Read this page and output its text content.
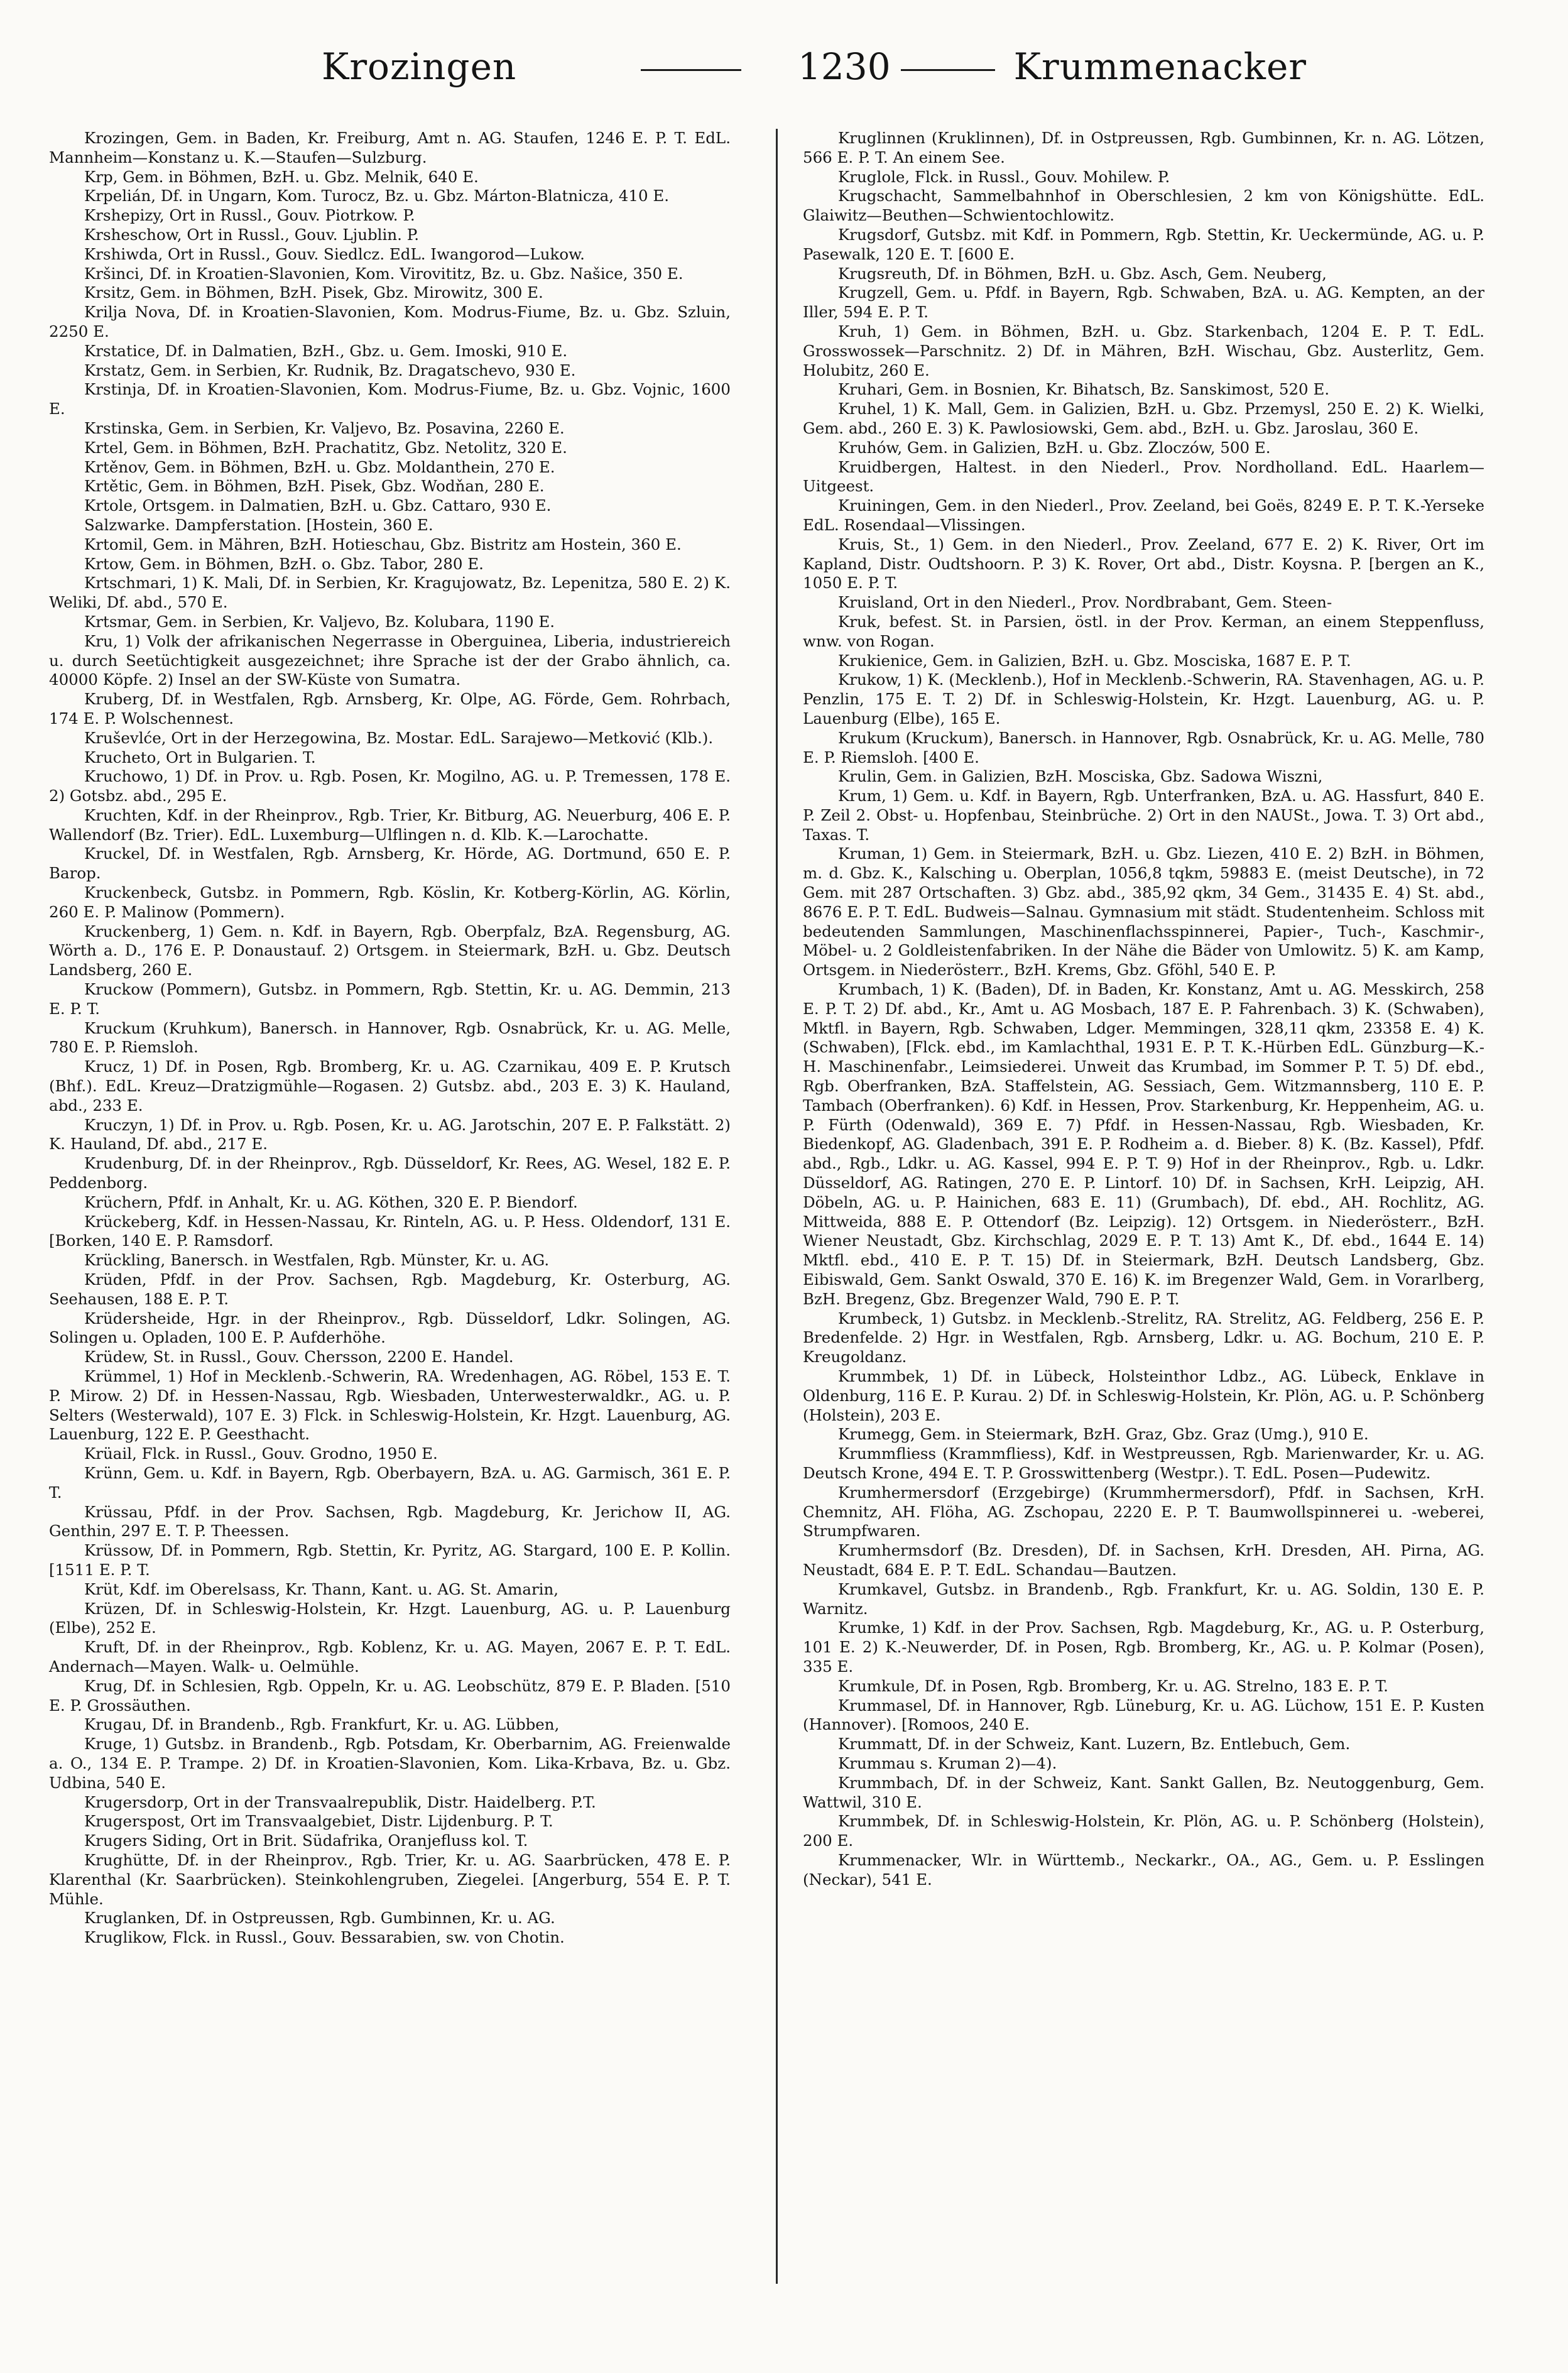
Krozingen	1230	Krummenacker

Krozingen, Gem. in Baden, Kr. Freiburg, Amt n. AG. Staufen, 1246 E. P. T. EdL. Mannheim—Konstanz u. K.—Staufen—Sulzburg.

Krp, Gem. in Böhmen, BzH. u. Gbz. Melnik, 640 E.

Krpelián, Df. in Ungarn, Kom. Turocz, Bz. u. Gbz. Márton-Blatnicza, 410 E.

Krshepizy, Ort in Russl., Gouv. Piotrkow. P.

Krsheschow, Ort in Russl., Gouv. Ljublin. P.

Krshiwda, Ort in Russl., Gouv. Siedlcz. EdL. Iwangorod—Lukow.

Kršinci, Df. in Kroatien-Slavonien, Kom. Virovititz, Bz. u. Gbz. Našice, 350 E.

Krsitz, Gem. in Böhmen, BzH. Pisek, Gbz. Mirowitz, 300 E.

Krilja Nova, Df. in Kroatien-Slavonien, Kom. Modrus-Fiume, Bz. u. Gbz. Szluin, 2250 E.

Krstatice, Df. in Dalmatien, BzH., Gbz. u. Gem. Imoski, 910 E.

Krstatz, Gem. in Serbien, Kr. Rudnik, Bz. Dragatschevo, 930 E.

Krstinja, Df. in Kroatien-Slavonien, Kom. Modrus-Fiume, Bz. u. Gbz. Vojnic, 1600 E.

Krstinska, Gem. in Serbien, Kr. Valjevo, Bz. Posavina, 2260 E.

Krtel, Gem. in Böhmen, BzH. Prachatitz, Gbz. Netolitz, 320 E.

Krtěnov, Gem. in Böhmen, BzH. u. Gbz. Moldanthein, 270 E.

Krtětic, Gem. in Böhmen, BzH. Pisek, Gbz. Wodňan, 280 E.

Krtole, Ortsgem. in Dalmatien, BzH. u. Gbz. Cattaro, 930 E.

Salzwarke. Dampferstation. [Hostein, 360 E.

Krtomil, Gem. in Mähren, BzH. Hotieschau, Gbz. Bistritz am Hostein, 360 E.

Krtow, Gem. in Böhmen, BzH. o. Gbz. Tabor, 280 E.

Krtschmari, 1) K. Mali, Df. in Serbien, Kr. Kragujowatz, Bz. Lepenitza, 580 E. 2) K. Weliki, Df. abd., 570 E.

Krtsmar, Gem. in Serbien, Kr. Valjevo, Bz. Kolubara, 1190 E.

Kru, 1) Volk der afrikanischen Negerrasse in Oberguinea, Liberia, industriereich u. durch Seetüchtigkeit ausgezeichnet; ihre Sprache ist der der Grabo ähnlich, ca. 40000 Köpfe. 2) Insel an der SW-Küste von Sumatra.

Kruberg, Df. in Westfalen, Rgb. Arnsberg, Kr. Olpe, AG. Förde, Gem. Rohrbach, 174 E. P. Wolschennest.

Kruševlće, Ort in der Herzegowina, Bz. Mostar. EdL. Sarajewo—Metković (Klb.).

Krucheto, Ort in Bulgarien. T.

Kruchowo, 1) Df. in Prov. u. Rgb. Posen, Kr. Mogilno, AG. u. P. Tremessen, 178 E. 2) Gotsbz. abd., 295 E.

Kruchten, Kdf. in der Rheinprov., Rgb. Trier, Kr. Bitburg, AG. Neuerburg, 406 E. P. Wallendorf (Bz. Trier). EdL. Luxemburg—Ulflingen n. d. Klb. K.—Larochatte.

Kruckel, Df. in Westfalen, Rgb. Arnsberg, Kr. Hörde, AG. Dortmund, 650 E. P. Barop.

Kruckenbeck, Gutsbz. in Pommern, Rgb. Köslin, Kr. Kotberg-Körlin, AG. Körlin, 260 E. P. Malinow (Pommern).

Kruckenberg, 1) Gem. n. Kdf. in Bayern, Rgb. Oberpfalz, BzA. Regensburg, AG. Wörth a. D., 176 E. P. Donaustauf. 2) Ortsgem. in Steiermark, BzH. u. Gbz. Deutsch Landsberg, 260 E.

Kruckow (Pommern), Gutsbz. in Pommern, Rgb. Stettin, Kr. u. AG. Demmin, 213 E. P. T.

Kruckum (Kruhkum), Banersch. in Hannover, Rgb. Osnabrück, Kr. u. AG. Melle, 780 E. P. Riemsloh.

Krucz, 1) Df. in Posen, Rgb. Bromberg, Kr. u. AG. Czarnikau, 409 E. P. Krutsch (Bhf.). EdL. Kreuz—Dratzigmühle—Rogasen. 2) Gutsbz. abd., 203 E. 3) K. Hauland, abd., 233 E.

Kruczyn, 1) Df. in Prov. u. Rgb. Posen, Kr. u. AG. Jarotschin, 207 E. P. Falkstätt. 2) K. Hauland, Df. abd., 217 E.

Krudenburg, Df. in der Rheinprov., Rgb. Düsseldorf, Kr. Rees, AG. Wesel, 182 E. P. Peddenborg.

Krüchern, Pfdf. in Anhalt, Kr. u. AG. Köthen, 320 E. P. Biendorf.

Krückeberg, Kdf. in Hessen-Nassau, Kr. Rinteln, AG. u. P. Hess. Oldendorf, 131 E. [Borken, 140 E. P. Ramsdorf.

Krückling, Banersch. in Westfalen, Rgb. Münster, Kr. u. AG.

Krüden, Pfdf. in der Prov. Sachsen, Rgb. Magdeburg, Kr. Osterburg, AG. Seehausen, 188 E. P. T.

Krüdersheide, Hgr. in der Rheinprov., Rgb. Düsseldorf, Ldkr. Solingen, AG. Solingen u. Opladen, 100 E. P. Aufderhöhe.

Krüdew, St. in Russl., Gouv. Chersson, 2200 E. Handel.

Krümmel, 1) Hof in Mecklenb.-Schwerin, RA. Wredenhagen, AG. Röbel, 153 E. T. P. Mirow. 2) Df. in Hessen-Nassau, Rgb. Wiesbaden, Unterwesterwaldkr., AG. u. P. Selters (Westerwald), 107 E. 3) Flck. in Schleswig-Holstein, Kr. Hzgt. Lauenburg, AG. Lauenburg, 122 E. P. Geesthacht.

Krüail, Flck. in Russl., Gouv. Grodno, 1950 E.

Krünn, Gem. u. Kdf. in Bayern, Rgb. Oberbayern, BzA. u. AG. Garmisch, 361 E. P. T.

Krüssau, Pfdf. in der Prov. Sachsen, Rgb. Magdeburg, Kr. Jerichow II, AG. Genthin, 297 E. T. P. Theessen.

Krüssow, Df. in Pommern, Rgb. Stettin, Kr. Pyritz, AG. Stargard, 100 E. P. Kollin. [1511 E. P. T.

Krüt, Kdf. im Oberelsass, Kr. Thann, Kant. u. AG. St. Amarin,

Krüzen, Df. in Schleswig-Holstein, Kr. Hzgt. Lauenburg, AG. u. P. Lauenburg (Elbe), 252 E.

Kruft, Df. in der Rheinprov., Rgb. Koblenz, Kr. u. AG. Mayen, 2067 E. P. T. EdL. Andernach—Mayen. Walk- u. Oelmühle.

Krug, Df. in Schlesien, Rgb. Oppeln, Kr. u. AG. Leobschütz, 879 E. P. Bladen. [510 E. P. Grossäuthen.

Krugau, Df. in Brandenb., Rgb. Frankfurt, Kr. u. AG. Lübben,

Kruge, 1) Gutsbz. in Brandenb., Rgb. Potsdam, Kr. Oberbarnim, AG. Freienwalde a. O., 134 E. P. Trampe. 2) Df. in Kroatien-Slavonien, Kom. Lika-Krbava, Bz. u. Gbz. Udbina, 540 E.

Krugersdorp, Ort in der Transvaalrepublik, Distr. Haidelberg. P.T.

Krugerspost, Ort im Transvaalgebiet, Distr. Lijdenburg. P. T.

Krugers Siding, Ort in Brit. Südafrika, Oranjefluss kol. T.

Krughütte, Df. in der Rheinprov., Rgb. Trier, Kr. u. AG. Saarbrücken, 478 E. P. Klarenthal (Kr. Saarbrücken). Steinkohlengruben, Ziegelei. [Angerburg, 554 E. P. T. Mühle.

Kruglanken, Df. in Ostpreussen, Rgb. Gumbinnen, Kr. u. AG.

Kruglikow, Flck. in Russl., Gouv. Bessarabien, sw. von Chotin.

Kruglinnen (Kruklinnen), Df. in Ostpreussen, Rgb. Gumbinnen, Kr. n. AG. Lötzen, 566 E. P. T. An einem See.

Kruglole, Flck. in Russl., Gouv. Mohilew. P.

Krugschacht, Sammelbahnhof in Oberschlesien, 2 km von Königshütte. EdL. Glaiwitz—Beuthen—Schwientochlowitz.

Krugsdorf, Gutsbz. mit Kdf. in Pommern, Rgb. Stettin, Kr. Ueckermünde, AG. u. P. Pasewalk, 120 E. T. [600 E.

Krugsreuth, Df. in Böhmen, BzH. u. Gbz. Asch, Gem. Neuberg,

Krugzell, Gem. u. Pfdf. in Bayern, Rgb. Schwaben, BzA. u. AG. Kempten, an der Iller, 594 E. P. T.

Kruh, 1) Gem. in Böhmen, BzH. u. Gbz. Starkenbach, 1204 E. P. T. EdL. Grosswossek—Parschnitz. 2) Df. in Mähren, BzH. Wischau, Gbz. Austerlitz, Gem. Holubitz, 260 E.

Kruhari, Gem. in Bosnien, Kr. Bihatsch, Bz. Sanskimost, 520 E.

Kruhel, 1) K. Mall, Gem. in Galizien, BzH. u. Gbz. Przemysl, 250 E. 2) K. Wielki, Gem. abd., 260 E. 3) K. Pawlosiowski, Gem. abd., BzH. u. Gbz. Jaroslau, 360 E.

Kruhów, Gem. in Galizien, BzH. u. Gbz. Zloczów, 500 E.

Kruidbergen, Haltest. in den Niederl., Prov. Nordholland. EdL. Haarlem—Uitgeest.

Kruiningen, Gem. in den Niederl., Prov. Zeeland, bei Goës, 8249 E. P. T. K.-Yerseke EdL. Rosendaal—Vlissingen.

Kruis, St., 1) Gem. in den Niederl., Prov. Zeeland, 677 E. 2) K. River, Ort im Kapland, Distr. Oudtshoorn. P. 3) K. Rover, Ort abd., Distr. Koysna. P. [bergen an K., 1050 E. P. T.

Kruisland, Ort in den Niederl., Prov. Nordbrabant, Gem. Steen-

Kruk, befest. St. in Parsien, östl. in der Prov. Kerman, an einem Steppenfluss, wnw. von Rogan.

Krukienice, Gem. in Galizien, BzH. u. Gbz. Mosciska, 1687 E. P. T.

Krukow, 1) K. (Mecklenb.), Hof in Mecklenb.-Schwerin, RA. Stavenhagen, AG. u. P. Penzlin, 175 E. T. 2) Df. in Schleswig-Holstein, Kr. Hzgt. Lauenburg, AG. u. P. Lauenburg (Elbe), 165 E.

Krukum (Kruckum), Banersch. in Hannover, Rgb. Osnabrück, Kr. u. AG. Melle, 780 E. P. Riemsloh. [400 E.

Krulin, Gem. in Galizien, BzH. Mosciska, Gbz. Sadowa Wiszni,

Krum, 1) Gem. u. Kdf. in Bayern, Rgb. Unterfranken, BzA. u. AG. Hassfurt, 840 E. P. Zeil 2. Obst- u. Hopfenbau, Steinbrüche. 2) Ort in den NAUSt., Jowa. T. 3) Ort abd., Taxas. T.

Kruman, 1) Gem. in Steiermark, BzH. u. Gbz. Liezen, 410 E. 2) BzH. in Böhmen, m. d. Gbz. K., Kalsching u. Oberplan, 1056,8 tqkm, 59883 E. (meist Deutsche), in 72 Gem. mit 287 Ortschaften. 3) Gbz. abd., 385,92 qkm, 34 Gem., 31435 E. 4) St. abd., 8676 E. P. T. EdL. Budweis—Salnau. Gymnasium mit städt. Studentenheim. Schloss mit bedeutenden Sammlungen, Maschinenflachsspinnerei, Papier-, Tuch-, Kaschmir-, Möbel- u. 2 Goldleistenfabriken. In der Nähe die Bäder von Umlowitz. 5) K. am Kamp, Ortsgem. in Niederösterr., BzH. Krems, Gbz. Gföhl, 540 E. P.

Krumbach, 1) K. (Baden), Df. in Baden, Kr. Konstanz, Amt u. AG. Messkirch, 258 E. P. T. 2) Df. abd., Kr., Amt u. AG Mosbach, 187 E. P. Fahrenbach. 3) K. (Schwaben), Mktfl. in Bayern, Rgb. Schwaben, Ldger. Memmingen, 328,11 qkm, 23358 E. 4) K. (Schwaben), [Flck. ebd., im Kamlachthal, 1931 E. P. T. K.-Hürben EdL. Günzburg—K.-H. Maschinenfabr., Leimsiederei. Unweit das Krumbad, im Sommer P. T. 5) Df. ebd., Rgb. Oberfranken, BzA. Staffelstein, AG. Sessiach, Gem. Witzmannsberg, 110 E. P. Tambach (Oberfranken). 6) Kdf. in Hessen, Prov. Starkenburg, Kr. Heppenheim, AG. u. P. Fürth (Odenwald), 369 E. 7) Pfdf. in Hessen-Nassau, Rgb. Wiesbaden, Kr. Biedenkopf, AG. Gladenbach, 391 E. P. Rodheim a. d. Bieber. 8) K. (Bz. Kassel), Pfdf. abd., Rgb., Ldkr. u. AG. Kassel, 994 E. P. T. 9) Hof in der Rheinprov., Rgb. u. Ldkr. Düsseldorf, AG. Ratingen, 270 E. P. Lintorf. 10) Df. in Sachsen, KrH. Leipzig, AH. Döbeln, AG. u. P. Hainichen, 683 E. 11) (Grumbach), Df. ebd., AH. Rochlitz, AG. Mittweida, 888 E. P. Ottendorf (Bz. Leipzig). 12) Ortsgem. in Niederösterr., BzH. Wiener Neustadt, Gbz. Kirchschlag, 2029 E. P. T. 13) Amt K., Df. ebd., 1644 E. 14) Mktfl. ebd., 410 E. P. T. 15) Df. in Steiermark, BzH. Deutsch Landsberg, Gbz. Eibiswald, Gem. Sankt Oswald, 370 E. 16) K. im Bregenzer Wald, Gem. in Vorarlberg, BzH. Bregenz, Gbz. Bregenzer Wald, 790 E. P. T.

Krumbeck, 1) Gutsbz. in Mecklenb.-Strelitz, RA. Strelitz, AG. Feldberg, 256 E. P. Bredenfelde. 2) Hgr. in Westfalen, Rgb. Arnsberg, Ldkr. u. AG. Bochum, 210 E. P. Kreugoldanz.

Krummbek, 1) Df. in Lübeck, Holsteinthor Ldbz., AG. Lübeck, Enklave in Oldenburg, 116 E. P. Kurau. 2) Df. in Schleswig-Holstein, Kr. Plön, AG. u. P. Schönberg (Holstein), 203 E.

Krumegg, Gem. in Steiermark, BzH. Graz, Gbz. Graz (Umg.), 910 E.

Krummfliess (Krammfliess), Kdf. in Westpreussen, Rgb. Marienwarder, Kr. u. AG. Deutsch Krone, 494 E. T. P. Grosswittenberg (Westpr.). T. EdL. Posen—Pudewitz.

Krumhermersdorf (Erzgebirge) (Krummhermersdorf), Pfdf. in Sachsen, KrH. Chemnitz, AH. Flöha, AG. Zschopau, 2220 E. P. T. Baumwollspinnerei u. -weberei, Strumpfwaren.

Krumhermsdorf (Bz. Dresden), Df. in Sachsen, KrH. Dresden, AH. Pirna, AG. Neustadt, 684 E. P. T. EdL. Schandau—Bautzen.

Krumkavel, Gutsbz. in Brandenb., Rgb. Frankfurt, Kr. u. AG. Soldin, 130 E. P. Warnitz.

Krumke, 1) Kdf. in der Prov. Sachsen, Rgb. Magdeburg, Kr., AG. u. P. Osterburg, 101 E. 2) K.-Neuwerder, Df. in Posen, Rgb. Bromberg, Kr., AG. u. P. Kolmar (Posen), 335 E.

Krumkule, Df. in Posen, Rgb. Bromberg, Kr. u. AG. Strelno, 183 E. P. T.

Krummasel, Df. in Hannover, Rgb. Lüneburg, Kr. u. AG. Lüchow, 151 E. P. Kusten (Hannover). [Romoos, 240 E.

Krummatt, Df. in der Schweiz, Kant. Luzern, Bz. Entlebuch, Gem.

Krummau s. Kruman 2)—4).

Krummbach, Df. in der Schweiz, Kant. Sankt Gallen, Bz. Neutoggenburg, Gem. Wattwil, 310 E.

Krummbek, Df. in Schleswig-Holstein, Kr. Plön, AG. u. P. Schönberg (Holstein), 200 E.

Krummenacker, Wlr. in Württemb., Neckarkr., OA., AG., Gem. u. P. Esslingen (Neckar), 541 E.
